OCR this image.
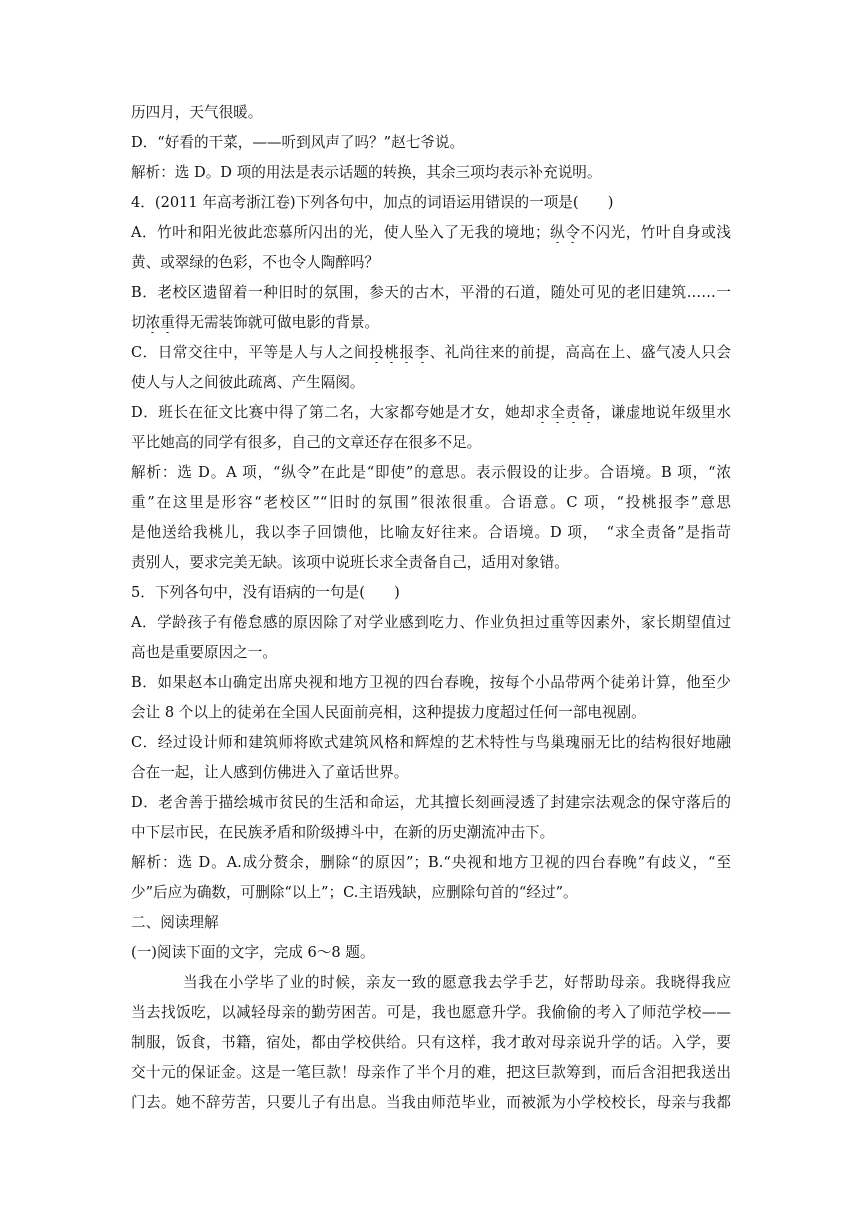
历四月，天气很暖。
D．“好看的干菜，——听到风声了吗？”赵七爷说。
解析：选 D。D 项的用法是表示话题的转换，其余三项均表示补充说明。
4．(2011 年高考浙江卷)下列各句中，加点的词语运用错误的一项是(　　)
A．竹叶和阳光彼此恋慕所闪出的光，使人坠入了无我的境地；纵令不闪光，竹叶自身或浅
黄、或翠绿的色彩，不也令人陶醉吗？
B．老校区遗留着一种旧时的氛围，参天的古木，平滑的石道，随处可见的老旧建筑……一
切浓重得无需装饰就可做电影的背景。
C．日常交往中，平等是人与人之间投桃报李、礼尚往来的前提，高高在上、盛气凌人只会
使人与人之间彼此疏离、产生隔阂。
D．班长在征文比赛中得了第二名，大家都夸她是才女，她却求全责备，谦虚地说年级里水
平比她高的同学有很多，自己的文章还存在很多不足。
解析：选 D。A 项，“纵令”在此是“即使”的意思。表示假设的让步。合语境。B 项，“浓
重”在这里是形容“老校区”“旧时的氛围”很浓很重。合语意。C 项，“投桃报李”意思
是他送给我桃儿，我以李子回馈他，比喻友好往来。合语境。D 项，　“求全责备”是指苛
责别人，要求完美无缺。该项中说班长求全责备自己，适用对象错。
5．下列各句中，没有语病的一句是(　　)
A．学龄孩子有倦怠感的原因除了对学业感到吃力、作业负担过重等因素外，家长期望值过
高也是重要原因之一。
B．如果赵本山确定出席央视和地方卫视的四台春晚，按每个小品带两个徒弟计算，他至少
会让 8 个以上的徒弟在全国人民面前亮相，这种提拔力度超过任何一部电视剧。
C．经过设计师和建筑师将欧式建筑风格和辉煌的艺术特性与鸟巢瑰丽无比的结构很好地融
合在一起，让人感到仿佛进入了童话世界。
D．老舍善于描绘城市贫民的生活和命运，尤其擅长刻画浸透了封建宗法观念的保守落后的
中下层市民，在民族矛盾和阶级搏斗中，在新的历史潮流冲击下。
解析：选 D。A.成分赘余，删除“的原因”；B.“央视和地方卫视的四台春晚”有歧义，“至
少”后应为确数，可删除“以上”；C.主语残缺，应删除句首的“经过”。
二、阅读理解
(一)阅读下面的文字，完成 6～8 题。
当我在小学毕了业的时候，亲友一致的愿意我去学手艺，好帮助母亲。我晓得我应
当去找饭吃，以减轻母亲的勤劳困苦。可是，我也愿意升学。我偷偷的考入了师范学校——
制服，饭食，书籍，宿处，都由学校供给。只有这样，我才敢对母亲说升学的话。入学，要
交十元的保证金。这是一笔巨款！母亲作了半个月的难，把这巨款筹到，而后含泪把我送出
门去。她不辞劳苦，只要儿子有出息。当我由师范毕业，而被派为小学校校长，母亲与我都
